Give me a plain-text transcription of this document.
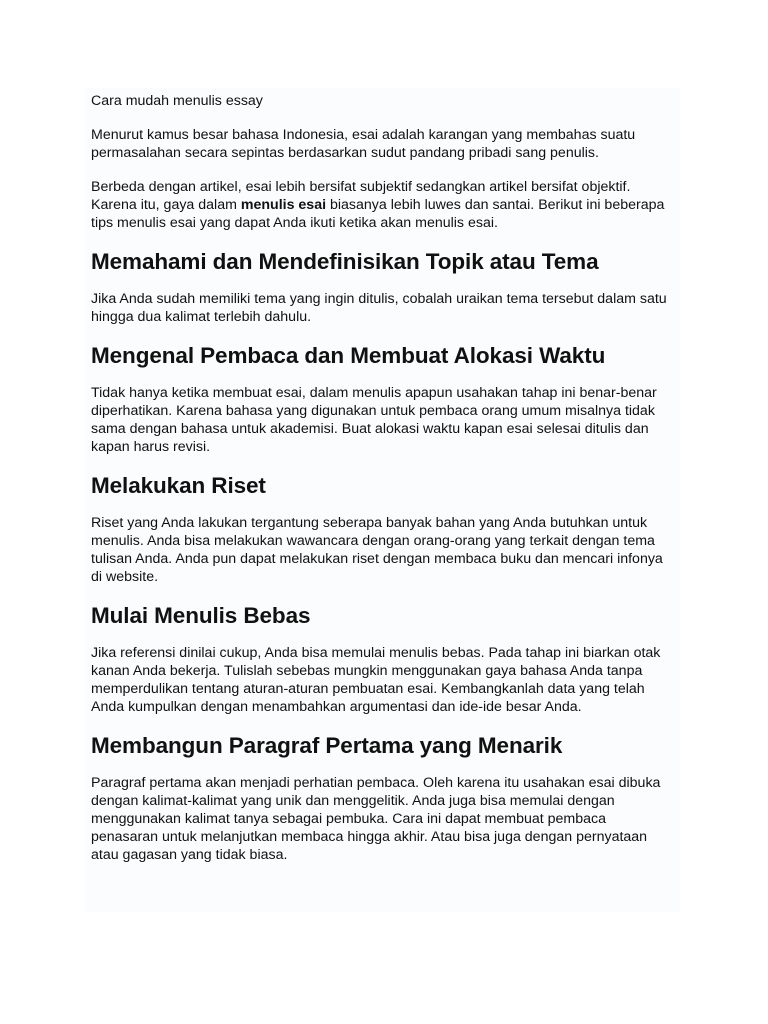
Cara mudah menulis essay

Menurut kamus besar bahasa Indonesia, esai adalah karangan yang membahas suatu permasalahan secara sepintas berdasarkan sudut pandang pribadi sang penulis.

Berbeda dengan artikel, esai lebih bersifat subjektif sedangkan artikel bersifat objektif. Karena itu, gaya dalam menulis esai biasanya lebih luwes dan santai. Berikut ini beberapa tips menulis esai yang dapat Anda ikuti ketika akan menulis esai.

Memahami dan Mendefinisikan Topik atau Tema

Jika Anda sudah memiliki tema yang ingin ditulis, cobalah uraikan tema tersebut dalam satu hingga dua kalimat terlebih dahulu.

Mengenal Pembaca dan Membuat Alokasi Waktu

Tidak hanya ketika membuat esai, dalam menulis apapun usahakan tahap ini benar-benar diperhatikan. Karena bahasa yang digunakan untuk pembaca orang umum misalnya tidak sama dengan bahasa untuk akademisi. Buat alokasi waktu kapan esai selesai ditulis dan kapan harus revisi.

Melakukan Riset

Riset yang Anda lakukan tergantung seberapa banyak bahan yang Anda butuhkan untuk menulis. Anda bisa melakukan wawancara dengan orang-orang yang terkait dengan tema tulisan Anda. Anda pun dapat melakukan riset dengan membaca buku dan mencari infonya di website.

Mulai Menulis Bebas

Jika referensi dinilai cukup, Anda bisa memulai menulis bebas. Pada tahap ini biarkan otak kanan Anda bekerja. Tulislah sebebas mungkin menggunakan gaya bahasa Anda tanpa memperdulikan tentang aturan-aturan pembuatan esai. Kembangkanlah data yang telah Anda kumpulkan dengan menambahkan argumentasi dan ide-ide besar Anda.

Membangun Paragraf Pertama yang Menarik

Paragraf pertama akan menjadi perhatian pembaca. Oleh karena itu usahakan esai dibuka dengan kalimat-kalimat yang unik dan menggelitik. Anda juga bisa memulai dengan menggunakan kalimat tanya sebagai pembuka. Cara ini dapat membuat pembaca penasaran untuk melanjutkan membaca hingga akhir. Atau bisa juga dengan pernyataan atau gagasan yang tidak biasa.
